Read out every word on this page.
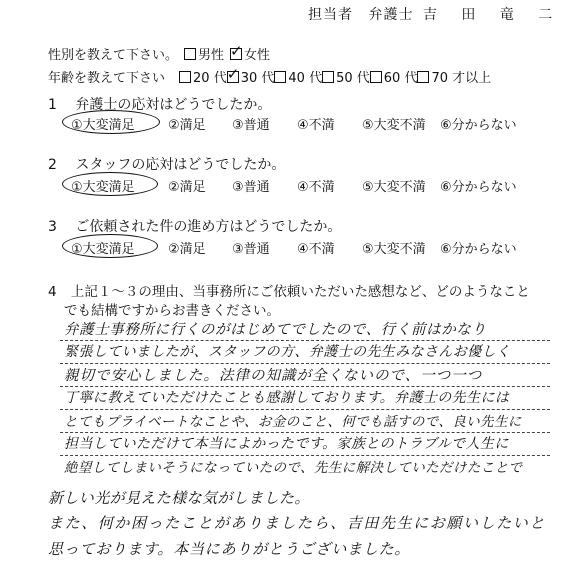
担当者 弁護士 吉 田 竜 二
性別を教えて下さい。 男性 ✓ 女性
年齢を教えて下さい 20 代 ✓ 30 代 40 代 50 代 60 代 70 才以上
1 弁護士の応対はどうでしたか。
①大変満足	②満足 ③普通 ④不満 ⑤大変不満 ⑥分からない
2 スタッフの応対はどうでしたか。
①大変満足	②満足 ③普通 ④不満 ⑤大変不満 ⑥分からない
3 ご依頼された件の進め方はどうでしたか。
①大変満足	②満足 ③普通 ④不満 ⑤大変不満 ⑥分からない
4 上記１～３の理由、当事務所にご依頼いただいた感想など、どのようなこと
でも結構ですからお書きください。
弁護士事務所に行くのがはじめてでしたので、行く前はかなり
緊張していましたが、スタッフの方、弁護士の先生みなさんお優しく
親切で安心しました。法律の知識が全くないので、一つ一つ
丁寧に教えていただけたことも感謝しております。弁護士の先生には
とてもプライベートなことや、お金のこと、何でも話すので、良い先生に
担当していただけて本当によかったです。家族とのトラブルで人生に
絶望してしまいそうになっていたので、先生に解決していただけたことで
新しい光が見えた様な気がしました。
また、何か困ったことがありましたら、吉田先生にお願いしたいと
思っております。本当にありがとうございました。
